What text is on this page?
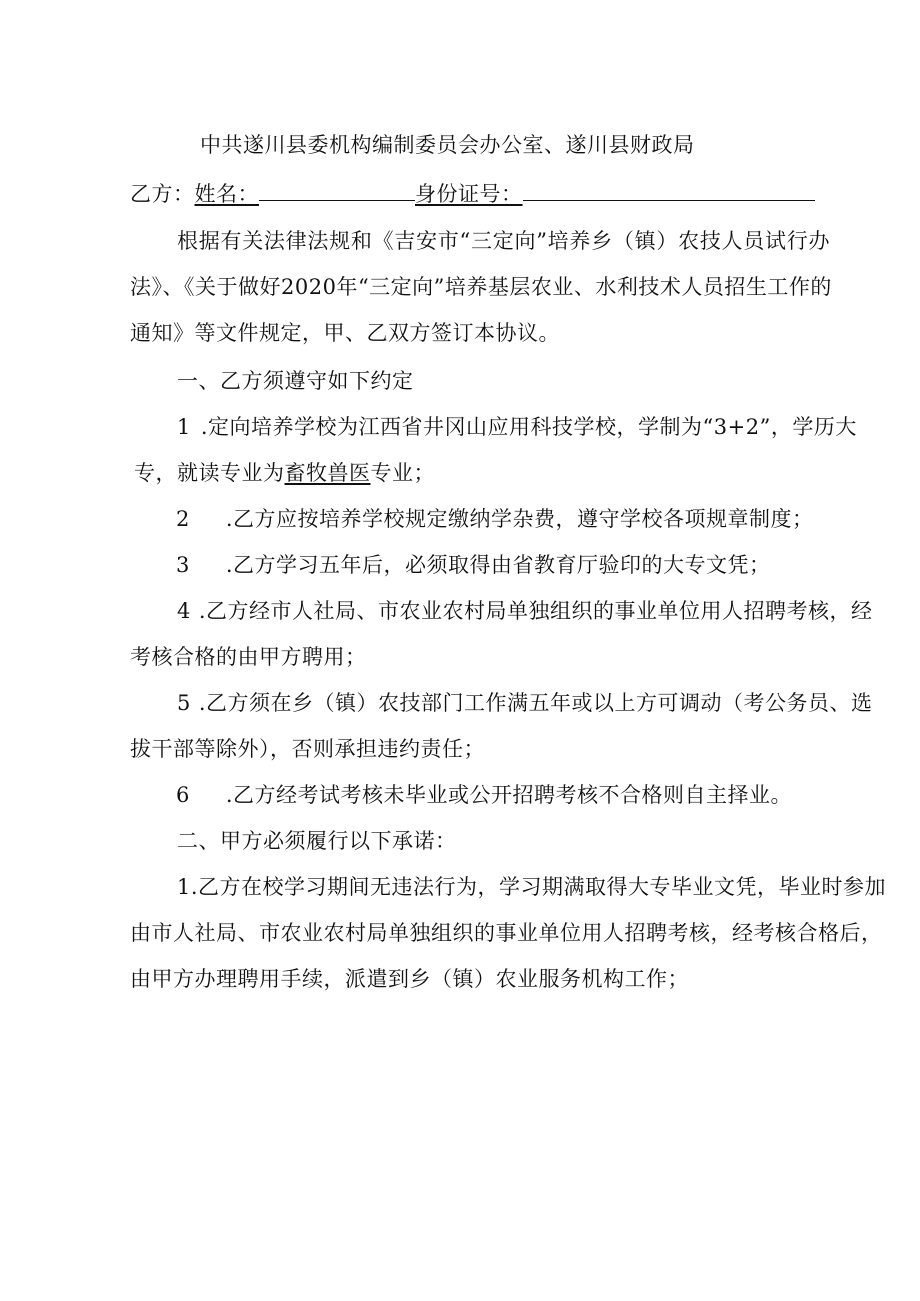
中共遂川县委机构编制委员会办公室、遂川县财政局
乙方：姓名：	身份证号：
根据有关法律法规和《吉安市“三定向”培养乡（镇）农技人员试行办
法》、《关于做好2020年“三定向”培养基层农业、水利技术人员招生工作的
通知》等文件规定，甲、乙双方签订本协议。
一、乙方须遵守如下约定
1 .定向培养学校为江西省井冈山应用科技学校，学制为“3+2”，学历大
专，就读专业为畜牧兽医专业；
2 .乙方应按培养学校规定缴纳学杂费，遵守学校各项规章制度；
3 .乙方学习五年后，必须取得由省教育厅验印的大专文凭；
4 .乙方经市人社局、市农业农村局单独组织的事业单位用人招聘考核，经
考核合格的由甲方聘用；
5 .乙方须在乡（镇）农技部门工作满五年或以上方可调动（考公务员、选
拔干部等除外），否则承担违约责任；
6 .乙方经考试考核未毕业或公开招聘考核不合格则自主择业。
二、甲方必须履行以下承诺：
1.乙方在校学习期间无违法行为，学习期满取得大专毕业文凭，毕业时参加
由市人社局、市农业农村局单独组织的事业单位用人招聘考核，经考核合格后，
由甲方办理聘用手续，派遣到乡（镇）农业服务机构工作；
